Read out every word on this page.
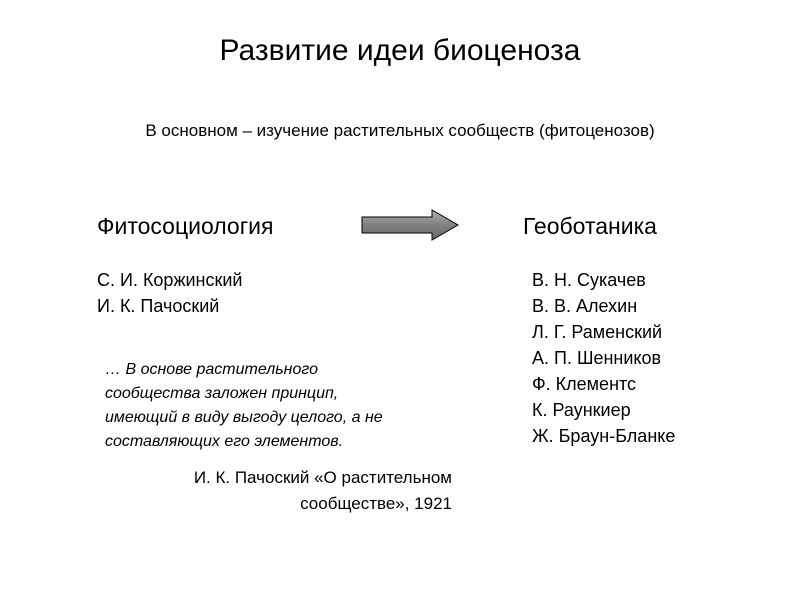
Развитие идеи биоценоза
В основном – изучение растительных сообществ (фитоценозов)
Фитосоциология	Геоботаника
С. И. Коржинский
И. К. Пачоский
В. Н. Сукачев
В. В. Алехин
Л. Г. Раменский
А. П. Шенников
Ф. Клементс
К. Раункиер
Ж. Браун-Бланке
… В основе растительного
сообщества заложен принцип,
имеющий в виду выгоду целого, а не
составляющих его элементов.
И. К. Пачоский «О растительном
сообществе», 1921
